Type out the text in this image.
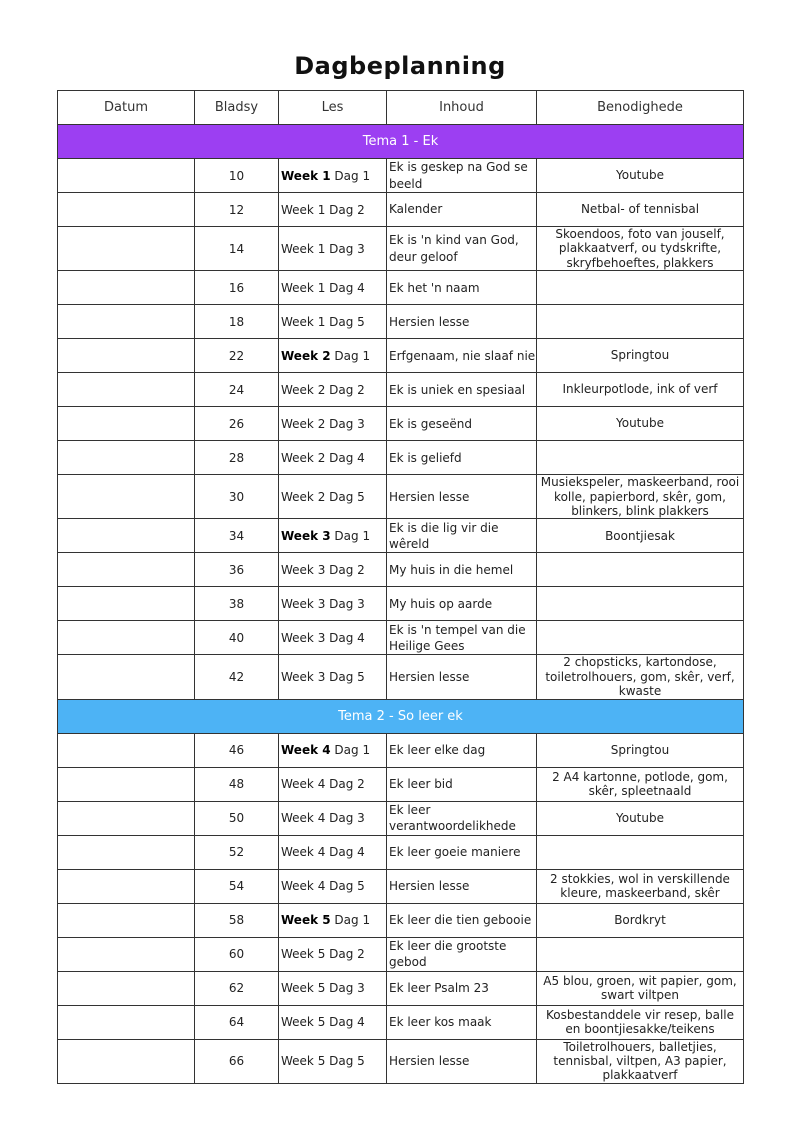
Dagbeplanning
Datum	Bladsy	Les	Inhoud	Benodighede
Tema 1 - Ek				
	10	Week 1 Dag 1	Ek is geskep na God se beeld	Youtube
	12	Week 1 Dag 2	Kalender	Netbal- of tennisbal
	14	Week 1 Dag 3	Ek is 'n kind van God, deur geloof	Skoendoos, foto van jouself, plakkaatverf, ou tydskrifte, skryfbehoeftes, plakkers
	16	Week 1 Dag 4	Ek het 'n naam	
	18	Week 1 Dag 5	Hersien lesse	
	22	Week 2 Dag 1	Erfgenaam, nie slaaf nie	Springtou
	24	Week 2 Dag 2	Ek is uniek en spesiaal	Inkleurpotlode, ink of verf
	26	Week 2 Dag 3	Ek is geseënd	Youtube
	28	Week 2 Dag 4	Ek is geliefd	
	30	Week 2 Dag 5	Hersien lesse	Musiekspeler, maskeerband, rooi kolle, papierbord, skêr, gom, blinkers, blink plakkers
	34	Week 3 Dag 1	Ek is die lig vir die wêreld	Boontjiesak
	36	Week 3 Dag 2	My huis in die hemel	
	38	Week 3 Dag 3	My huis op aarde	
	40	Week 3 Dag 4	Ek is 'n tempel van die Heilige Gees	
	42	Week 3 Dag 5	Hersien lesse	2 chopsticks, kartondose, toiletrolhouers, gom, skêr, verf, kwaste
Tema 2 - So leer ek				
	46	Week 4 Dag 1	Ek leer elke dag	Springtou
	48	Week 4 Dag 2	Ek leer bid	2 A4 kartonne, potlode, gom, skêr, spleetnaald
	50	Week 4 Dag 3	Ek leer verantwoordelikhede	Youtube
	52	Week 4 Dag 4	Ek leer goeie maniere	
	54	Week 4 Dag 5	Hersien lesse	2 stokkies, wol in verskillende kleure, maskeerband, skêr
	58	Week 5 Dag 1	Ek leer die tien gebooie	Bordkryt
	60	Week 5 Dag 2	Ek leer die grootste gebod	
	62	Week 5 Dag 3	Ek leer Psalm 23	A5 blou, groen, wit papier, gom, swart viltpen
	64	Week 5 Dag 4	Ek leer kos maak	Kosbestanddele vir resep, balle en boontjiesakke/teikens
	66	Week 5 Dag 5	Hersien lesse	Toiletrolhouers, balletjies, tennisbal, viltpen, A3 papier, plakkaatverf
